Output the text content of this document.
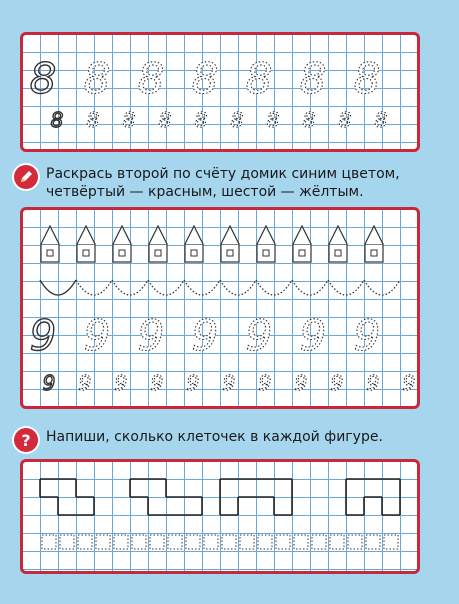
8 8 8 8 8 8 8
8 8 8 8 8 8 8 8 8 8
Раскрась второй по счёту домик синим цветом,
четвёртый — красным, шестой — жёлтым.
9 9 9 9 9 9 9
9 9 9 9 9 9 9 9 9 9 9
?	Напиши, сколько клеточек в каждой фигуре.
